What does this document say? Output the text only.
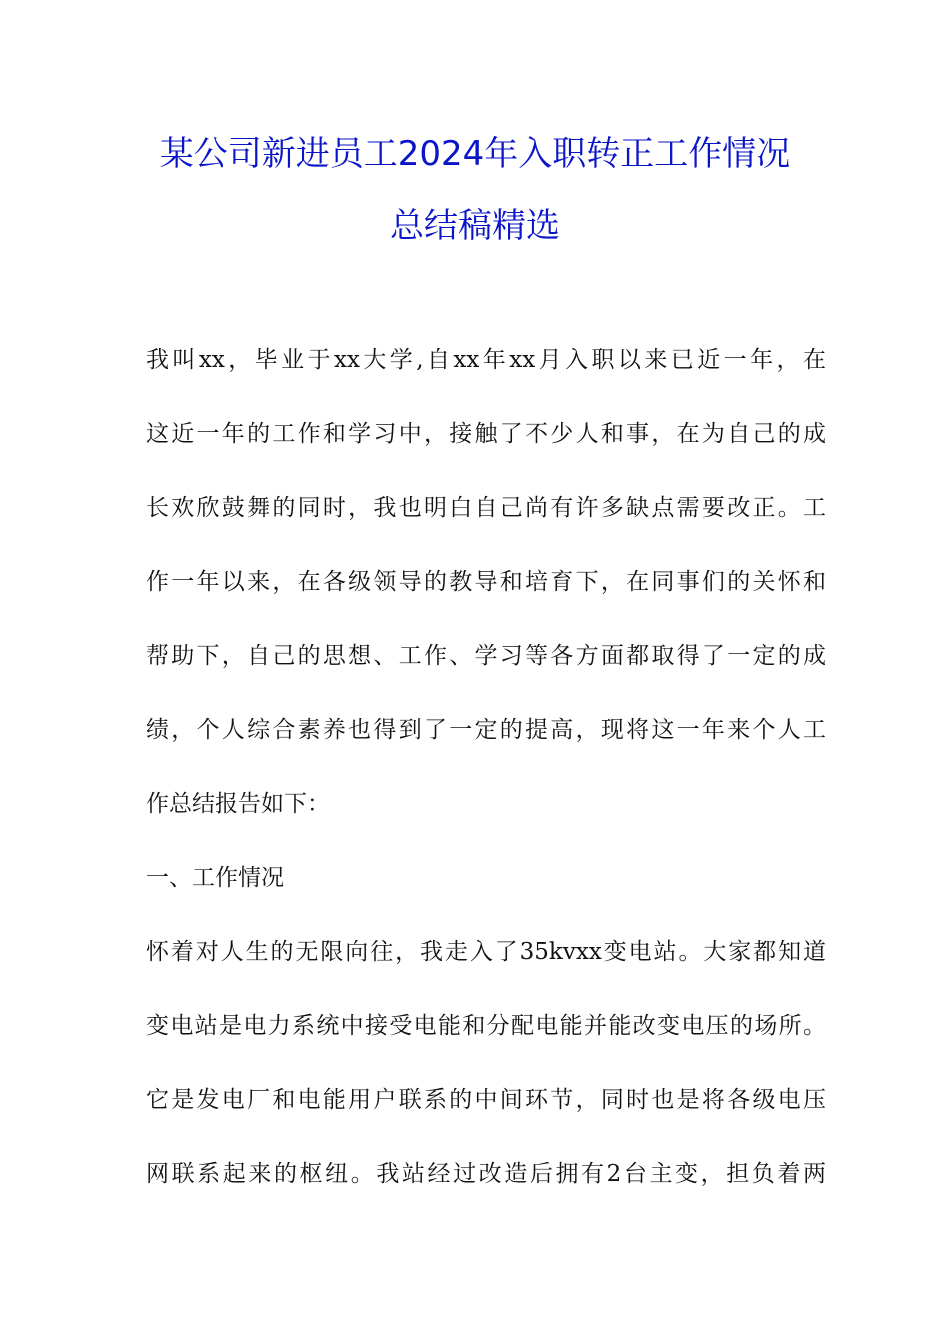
某公司新进员工2024年入职转正工作情况
总结稿精选
我叫xx，毕业于xx大学,自xx年xx月入职以来已近一年，在
这近一年的工作和学习中，接触了不少人和事，在为自己的成
长欢欣鼓舞的同时，我也明白自己尚有许多缺点需要改正。工
作一年以来，在各级领导的教导和培育下，在同事们的关怀和
帮助下，自己的思想、工作、学习等各方面都取得了一定的成
绩，个人综合素养也得到了一定的提高，现将这一年来个人工
作总结报告如下：
一、工作情况
怀着对人生的无限向往，我走入了35kvxx变电站。大家都知道
变电站是电力系统中接受电能和分配电能并能改变电压的场所。
它是发电厂和电能用户联系的中间环节，同时也是将各级电压
网联系起来的枢纽。我站经过改造后拥有2台主变，担负着两
